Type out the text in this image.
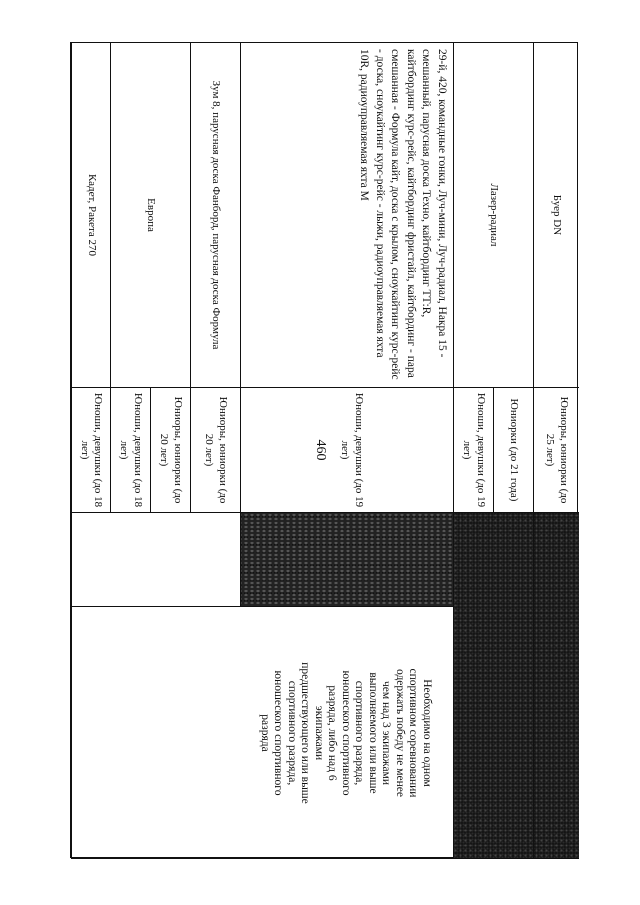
460
Буер DN
Юниоры, юниорки (до 25 лет)
Лазер-радиал
Юниорки (до 21 года)
Юноши, девушки (до 19 лет)
29-й, 420, командные гонки, Луч-мини, Луч-радиал, Накра 15 - смешанный, парусная доска Техно, кайтбординг ТТ:R, кайтбординг курс-рейс, кайтбординг фристайл, кайтбординг - пара смешанная - Формула кайт, доска с крылом, сноукайтинг курс-рейс - доска, сноукайтинг курс-рейс - лыжи, радиоуправляемая яхта 10R, радиоуправляемая яхта М
Юноши, девушки (до 19 лет)
Необходимо на одном
спортивном соревновании
одержать победу не менее
чем над 3 экипажами
выполняемого или выше
спортивного разряда,
юношеского спортивного
разряда, либо над 6
экипажами
предшествующего или выше
спортивного разряда,
юношеского спортивного
разряда
Зум 8, парусная доска Фанборд, парусная доска Формула
Юниоры, юниорки (до 20 лет)
Европа
Юниоры, юниорки (до 20 лет)
Юноши, девушки (до 18 лет)
Кадет, Ракета 270
Юноши, девушки (до 18 лет)
